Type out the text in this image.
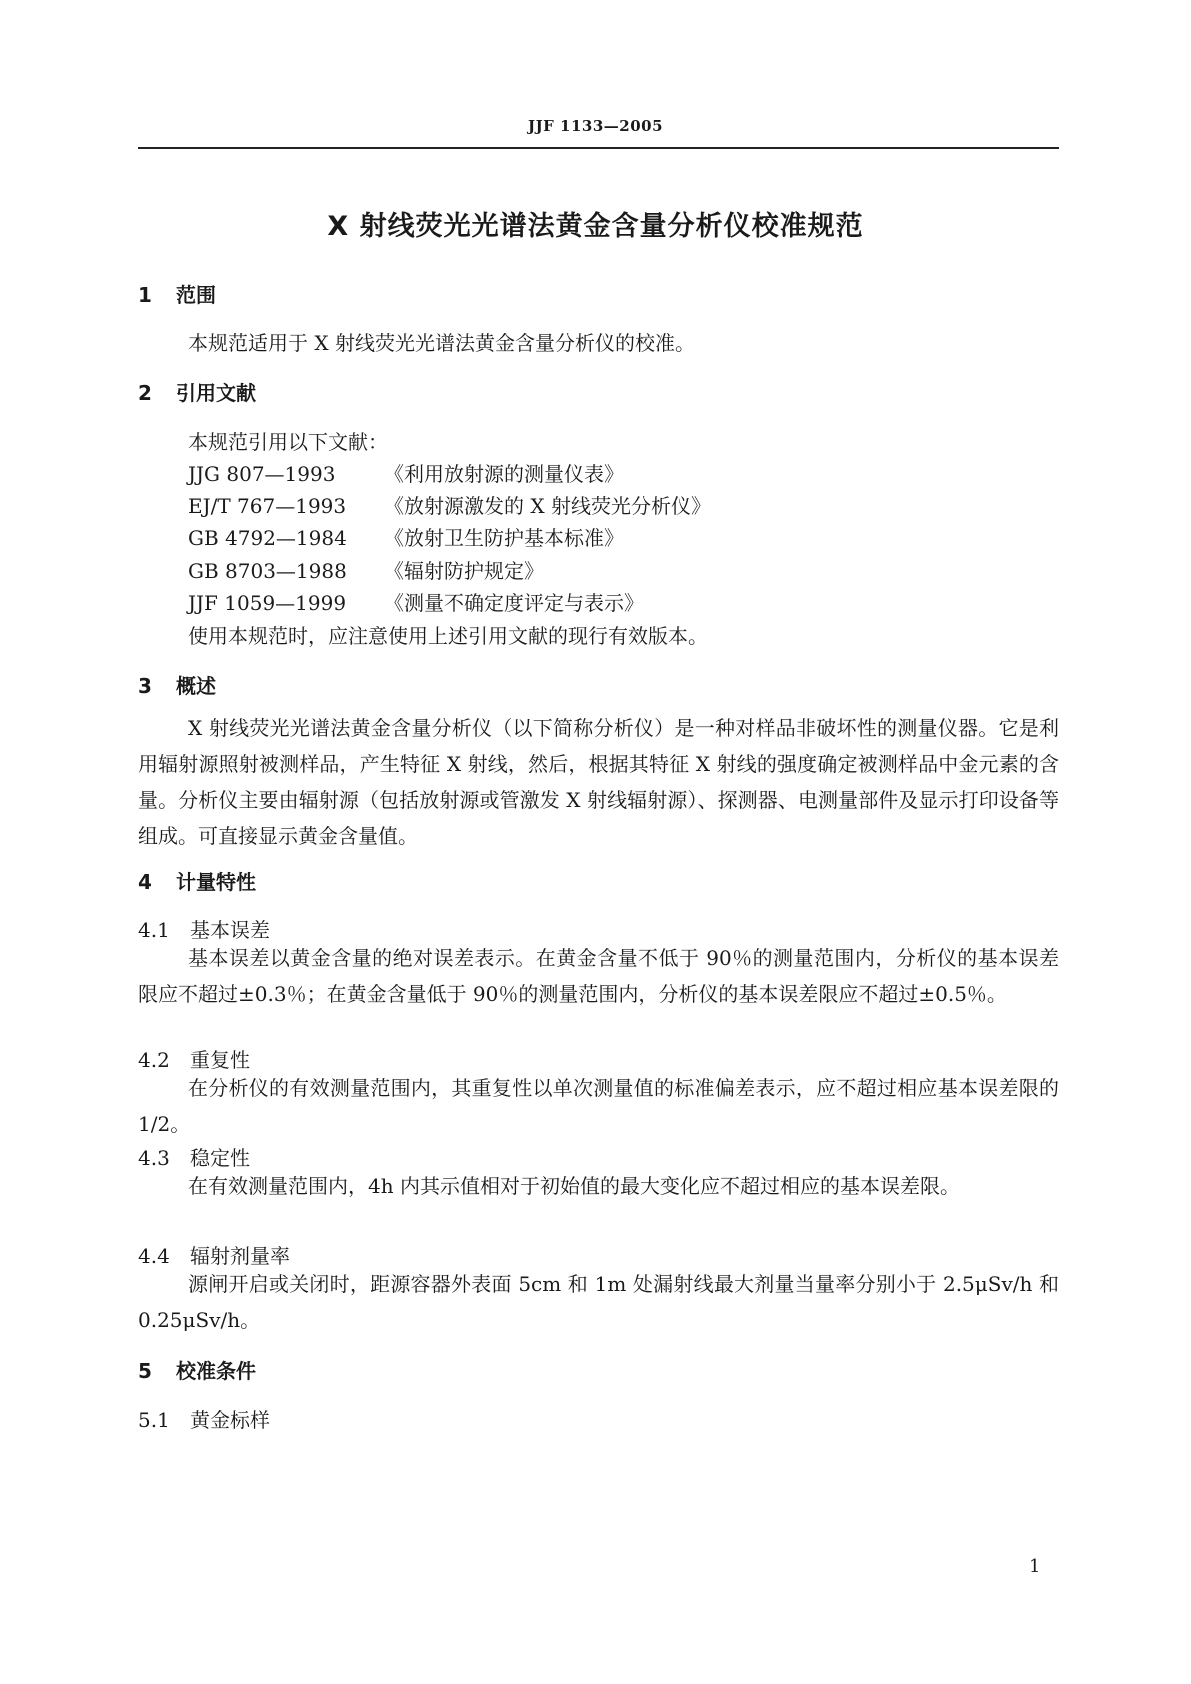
JJF 1133—2005
X 射线荧光光谱法黄金含量分析仪校准规范
1 范围
本规范适用于 X 射线荧光光谱法黄金含量分析仪的校准。
2 引用文献
本规范引用以下文献：
JJG 807—1993 《利用放射源的测量仪表》
EJ/T 767—1993 《放射源激发的 X 射线荧光分析仪》
GB 4792—1984 《放射卫生防护基本标准》
GB 8703—1988 《辐射防护规定》
JJF 1059—1999 《测量不确定度评定与表示》
使用本规范时，应注意使用上述引用文献的现行有效版本。
3 概述
X 射线荧光光谱法黄金含量分析仪（以下简称分析仪）是一种对样品非破坏性的测量仪器。它是利用辐射源照射被测样品，产生特征 X 射线，然后，根据其特征 X 射线的强度确定被测样品中金元素的含量。分析仪主要由辐射源（包括放射源或管激发 X 射线辐射源）、探测器、电测量部件及显示打印设备等组成。可直接显示黄金含量值。
4 计量特性
4.1 基本误差
基本误差以黄金含量的绝对误差表示。在黄金含量不低于 90％的测量范围内，分析仪的基本误差限应不超过±0.3％；在黄金含量低于 90％的测量范围内，分析仪的基本误差限应不超过±0.5％。
4.2 重复性
在分析仪的有效测量范围内，其重复性以单次测量值的标准偏差表示，应不超过相应基本误差限的 1/2。
4.3 稳定性
在有效测量范围内，4h 内其示值相对于初始值的最大变化应不超过相应的基本误差限。
4.4 辐射剂量率
源闸开启或关闭时，距源容器外表面 5cm 和 1m 处漏射线最大剂量当量率分别小于 2.5μSv/h 和 0.25μSv/h。
5 校准条件
5.1 黄金标样
1
